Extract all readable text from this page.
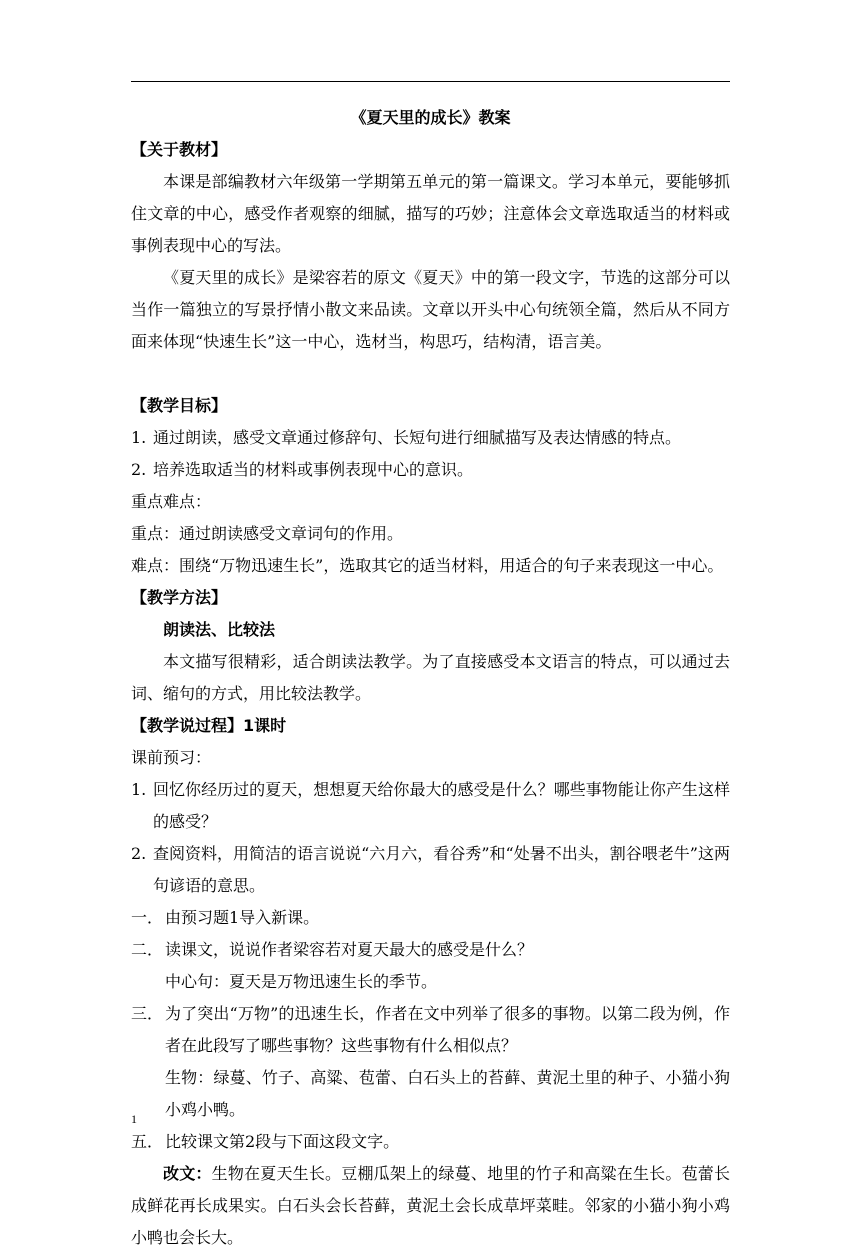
《夏天里的成长》教案

【关于教材】

本课是部编教材六年级第一学期第五单元的第一篇课文。学习本单元，要能够抓住文章的中心，感受作者观察的细腻，描写的巧妙；注意体会文章选取适当的材料或事例表现中心的写法。

《夏天里的成长》是梁容若的原文《夏天》中的第一段文字，节选的这部分可以当作一篇独立的写景抒情小散文来品读。文章以开头中心句统领全篇，然后从不同方面来体现“快速生长”这一中心，选材当，构思巧，结构清，语言美。

【教学目标】

1. 通过朗读，感受文章通过修辞句、长短句进行细腻描写及表达情感的特点。

2. 培养选取适当的材料或事例表现中心的意识。

重点难点：

重点：通过朗读感受文章词句的作用。

难点：围绕“万物迅速生长”，选取其它的适当材料，用适合的句子来表现这一中心。

【教学方法】

朗读法、比较法

本文描写很精彩，适合朗读法教学。为了直接感受本文语言的特点，可以通过去词、缩句的方式，用比较法教学。

【教学说过程】1课时

课前预习：

1. 回忆你经历过的夏天，想想夏天给你最大的感受是什么？哪些事物能让你产生这样的感受？

2. 查阅资料，用简洁的语言说说“六月六，看谷秀”和“处暑不出头，割谷喂老牛”这两句谚语的意思。

一． 由预习题1导入新课。

二． 读课文，说说作者梁容若对夏天最大的感受是什么？

中心句：夏天是万物迅速生长的季节。

三． 为了突出“万物”的迅速生长，作者在文中列举了很多的事物。以第二段为例，作者在此段写了哪些事物？这些事物有什么相似点？

生物：绿蔓、竹子、高粱、苞蕾、白石头上的苔藓、黄泥土里的种子、小猫小狗小鸡小鸭。

五． 比较课文第2段与下面这段文字。

改文：生物在夏天生长。豆棚瓜架上的绿蔓、地里的竹子和高粱在生长。苞蕾长成鲜花再长成果实。白石头会长苔藓，黄泥土会长成草坪菜畦。邻家的小猫小狗小鸡小鸭也会长大。

1
